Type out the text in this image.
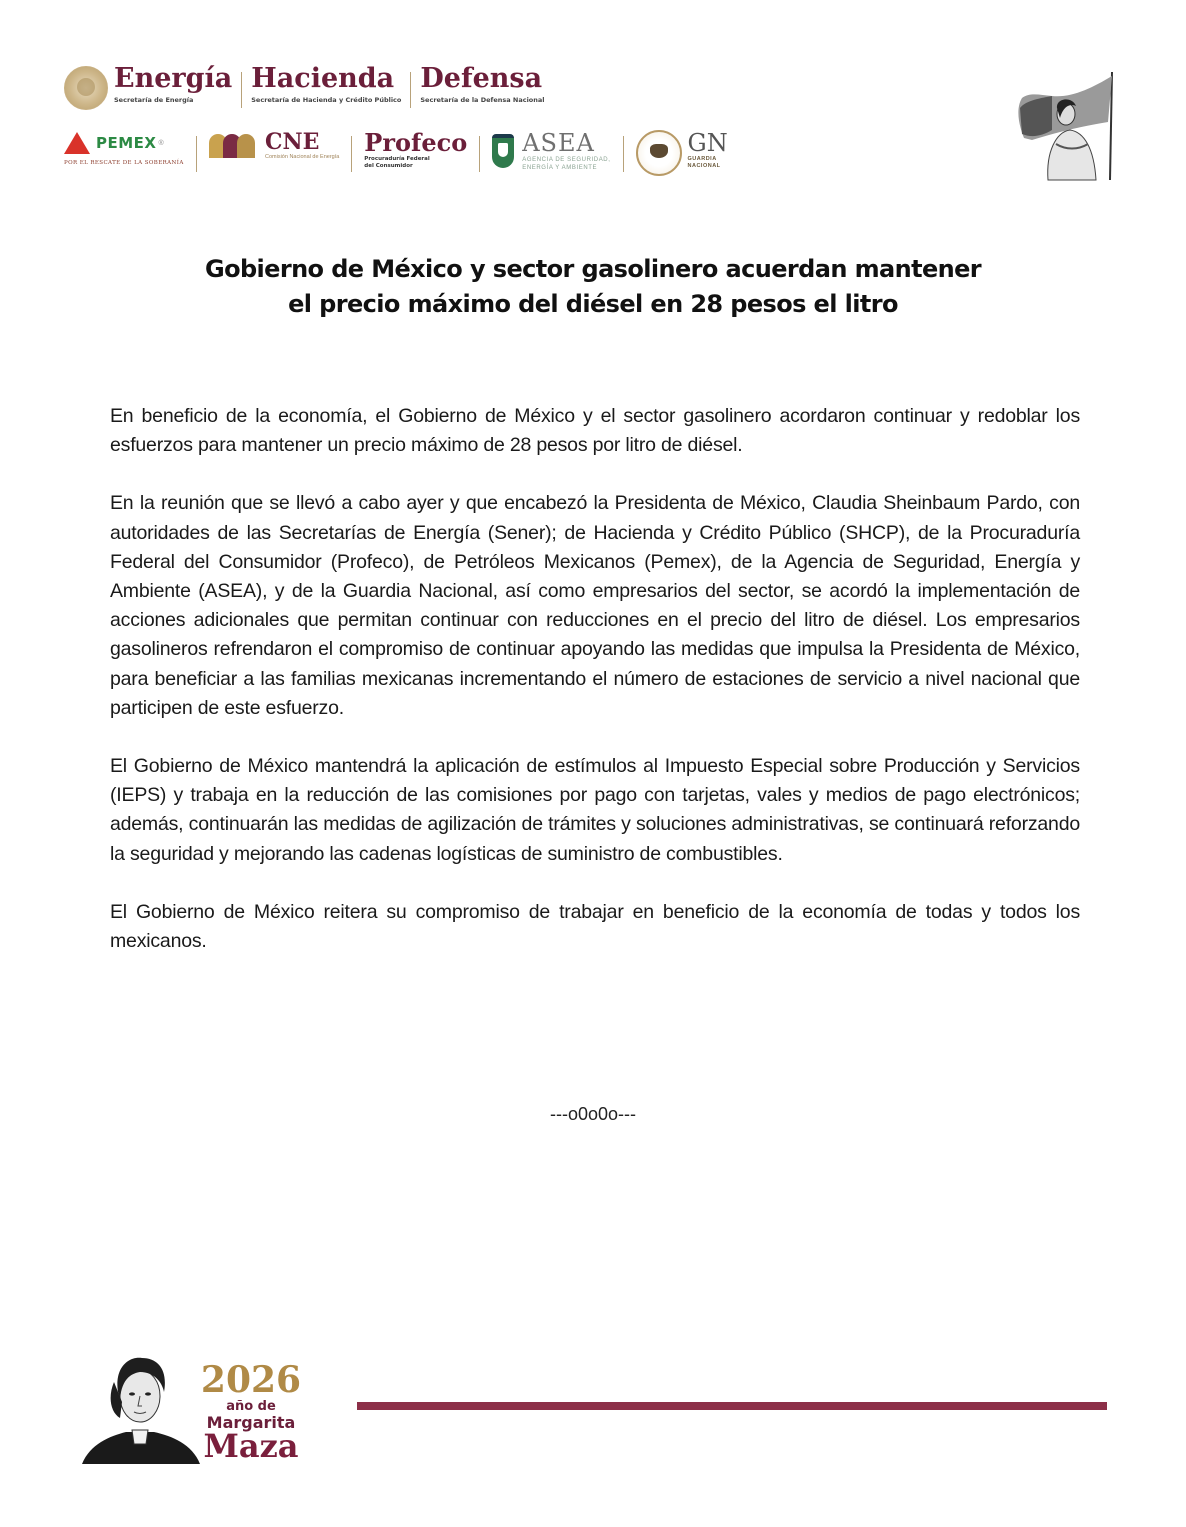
Energía
Secretaría de Energía
Hacienda
Secretaría de Hacienda y Crédito Público
Defensa
Secretaría de la Defensa Nacional
PEMEX ®
POR EL RESCATE DE LA SOBERANÍA
CNE
Comisión Nacional de Energía Profeco
Procuraduría Federal
del Consumidor
ASEA
AGENCIA DE SEGURIDAD,
ENERGÍA Y AMBIENTE
GN
GUARDIA
NACIONAL
Gobierno de México y sector gasolinero acuerdan mantener
el precio máximo del diésel en 28 pesos el litro

En beneficio de la economía, el Gobierno de México y el sector gasolinero acordaron continuar y redoblar los esfuerzos para mantener un precio máximo de 28 pesos por litro de diésel.

En la reunión que se llevó a cabo ayer y que encabezó la Presidenta de México, Claudia Sheinbaum Pardo, con autoridades de las Secretarías de Energía (Sener); de Hacienda y Crédito Público (SHCP), de la Procuraduría Federal del Consumidor (Profeco), de Petróleos Mexicanos (Pemex), de la Agencia de Seguridad, Energía y Ambiente (ASEA), y de la Guardia Nacional, así como empresarios del sector, se acordó la implementación de acciones adicionales que permitan continuar con reducciones en el precio del litro de diésel. Los empresarios gasolineros refrendaron el compromiso de continuar apoyando las medidas que impulsa la Presidenta de México, para beneficiar a las familias mexicanas incrementando el número de estaciones de servicio a nivel nacional que participen de este esfuerzo.

El Gobierno de México mantendrá la aplicación de estímulos al Impuesto Especial sobre Producción y Servicios (IEPS) y trabaja en la reducción de las comisiones por pago con tarjetas, vales y medios de pago electrónicos; además, continuarán las medidas de agilización de trámites y soluciones administrativas, se continuará reforzando la seguridad y mejorando las cadenas logísticas de suministro de combustibles.

El Gobierno de México reitera su compromiso de trabajar en beneficio de la economía de todas y todos los mexicanos.

---o0o0o---
2026
año de
Margarita
Maza
